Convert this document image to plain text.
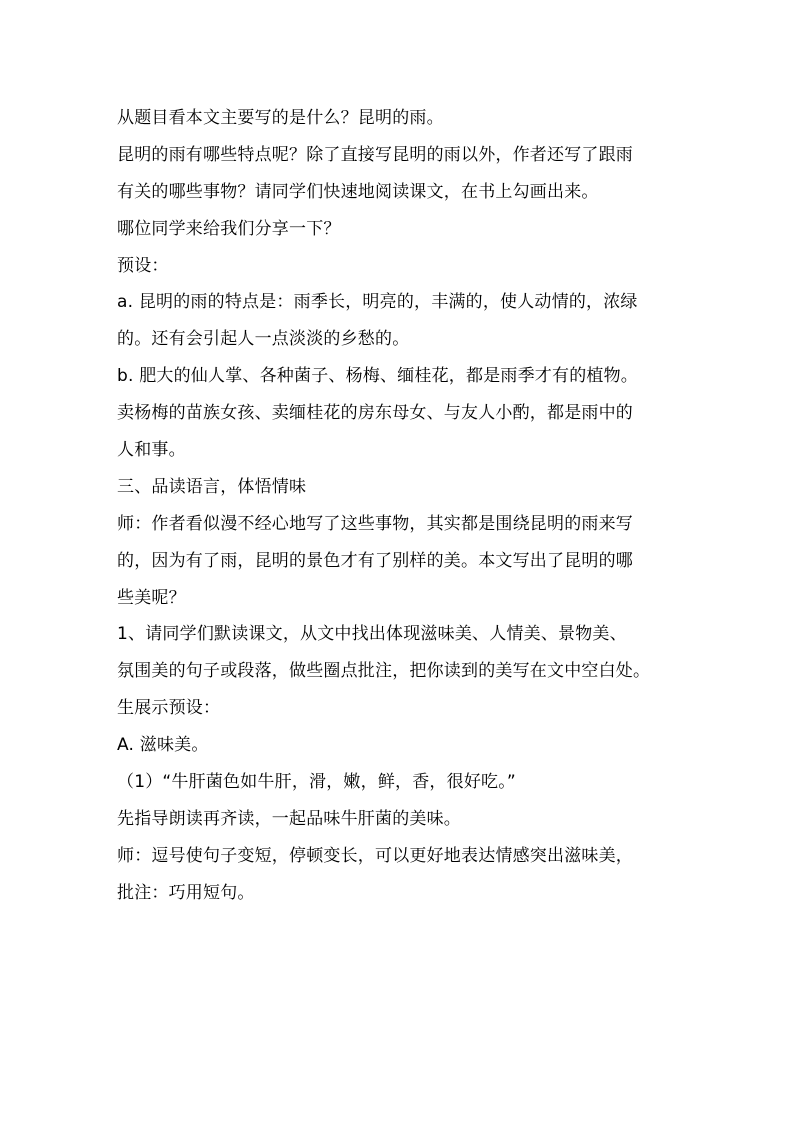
从题目看本文主要写的是什么？昆明的雨。
昆明的雨有哪些特点呢？除了直接写昆明的雨以外，作者还写了跟雨
有关的哪些事物？请同学们快速地阅读课文，在书上勾画出来。
哪位同学来给我们分享一下？
预设：
a. 昆明的雨的特点是：雨季长，明亮的，丰满的，使人动情的，浓绿
的。还有会引起人一点淡淡的乡愁的。
b. 肥大的仙人掌、各种菌子、杨梅、缅桂花，都是雨季才有的植物。
卖杨梅的苗族女孩、卖缅桂花的房东母女、与友人小酌，都是雨中的
人和事。
三、品读语言，体悟情味
师：作者看似漫不经心地写了这些事物，其实都是围绕昆明的雨来写
的，因为有了雨，昆明的景色才有了别样的美。本文写出了昆明的哪
些美呢？
1、请同学们默读课文，从文中找出体现滋味美、人情美、景物美、
氛围美的句子或段落，做些圈点批注，把你读到的美写在文中空白处。
生展示预设：
A. 滋味美。
（1）“牛肝菌色如牛肝，滑，嫩，鲜，香，很好吃。”
先指导朗读再齐读，一起品味牛肝菌的美味。
师：逗号使句子变短，停顿变长，可以更好地表达情感突出滋味美，
批注：巧用短句。
